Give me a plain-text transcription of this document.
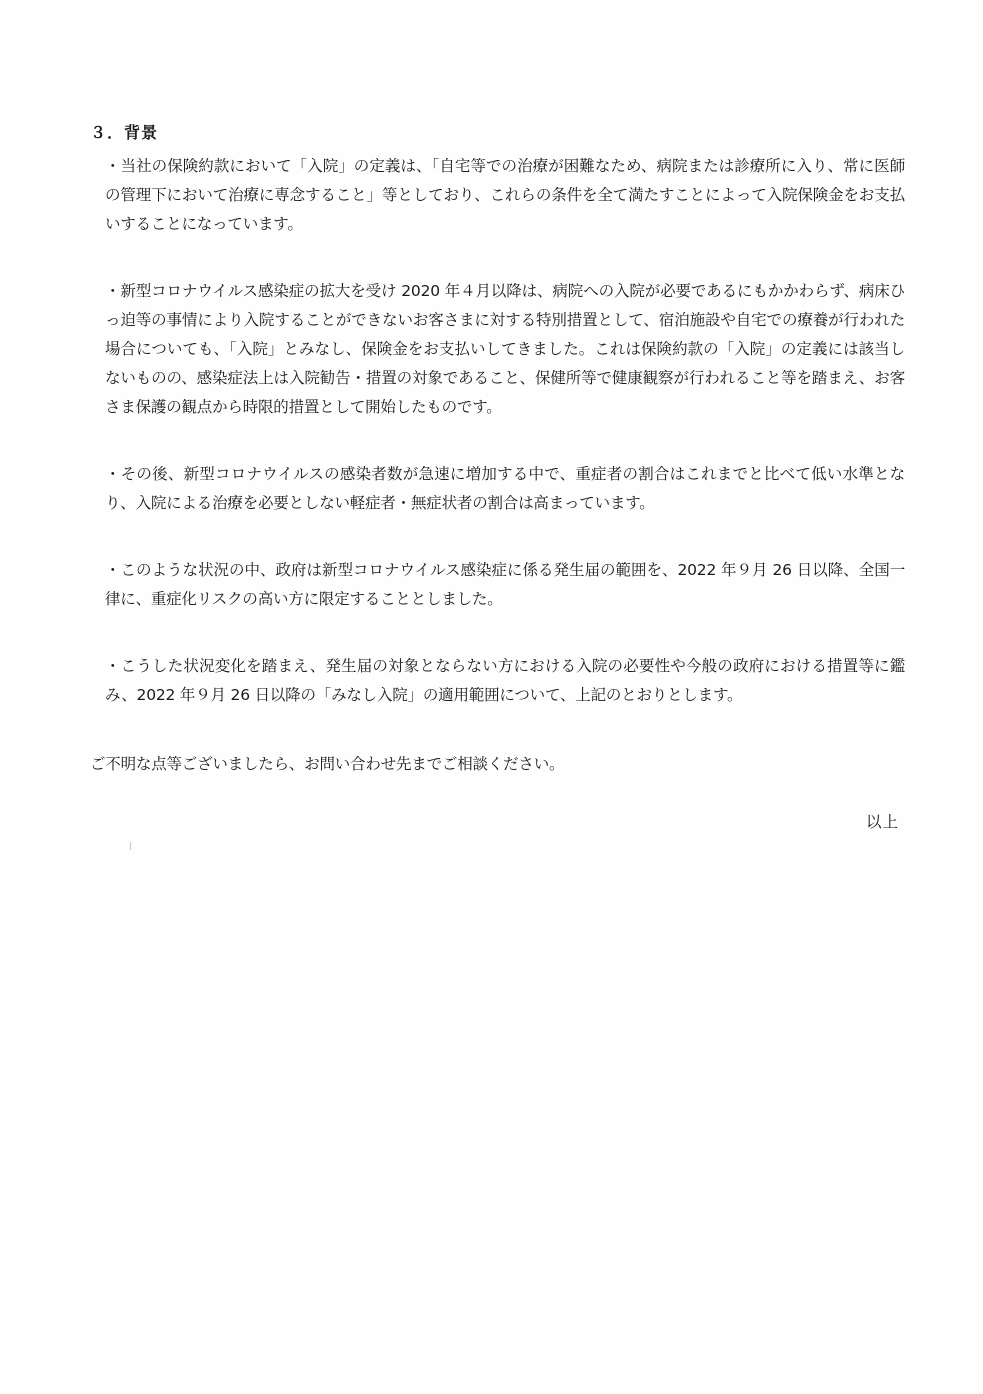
３．背景

・当社の保険約款において「入院」の定義は、「自宅等での治療が困難なため、病院または診療所に入り、常に医師の管理下において治療に専念すること」等としており、これらの条件を全て満たすことによって入院保険金をお支払いすることになっています。

・新型コロナウイルス感染症の拡大を受け 2020 年４月以降は、病院への入院が必要であるにもかかわらず、病床ひっ迫等の事情により入院することができないお客さまに対する特別措置として、宿泊施設や自宅での療養が行われた場合についても、「入院」とみなし、保険金をお支払いしてきました。これは保険約款の「入院」の定義には該当しないものの、感染症法上は入院勧告・措置の対象であること、保健所等で健康観察が行われること等を踏まえ、お客さま保護の観点から時限的措置として開始したものです。

・その後、新型コロナウイルスの感染者数が急速に増加する中で、重症者の割合はこれまでと比べて低い水準となり、入院による治療を必要としない軽症者・無症状者の割合は高まっています。

・このような状況の中、政府は新型コロナウイルス感染症に係る発生届の範囲を、2022 年９月 26 日以降、全国一律に、重症化リスクの高い方に限定することとしました。

・こうした状況変化を踏まえ、発生届の対象とならない方における入院の必要性や今般の政府における措置等に鑑み、2022 年９月 26 日以降の「みなし入院」の適用範囲について、上記のとおりとします。

ご不明な点等ございましたら、お問い合わせ先までご相談ください。
以上
